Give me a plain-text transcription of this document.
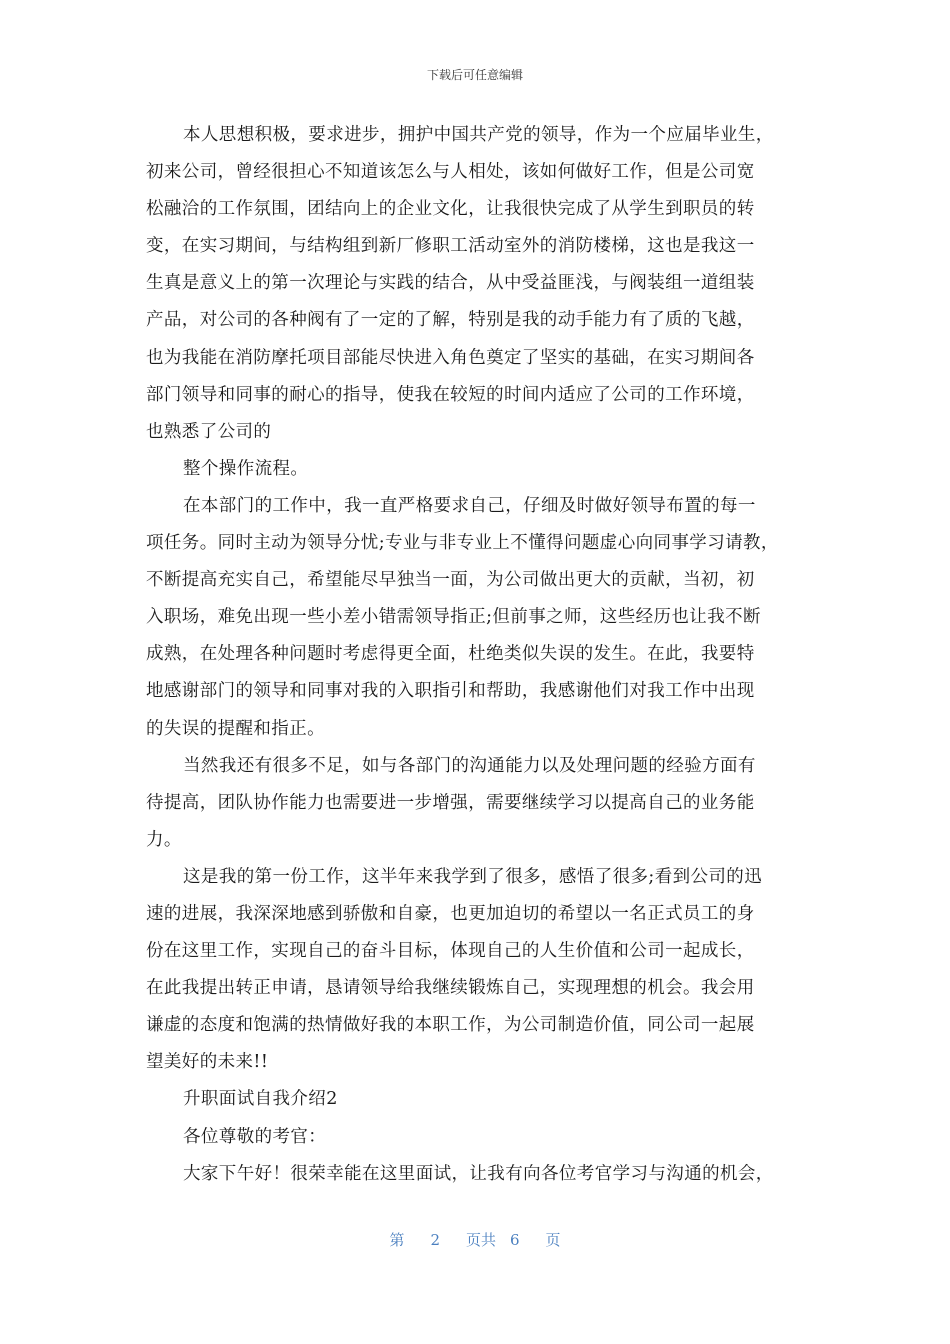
下载后可任意编辑
本人思想积极，要求进步，拥护中国共产党的领导，作为一个应届毕业生，
初来公司，曾经很担心不知道该怎么与人相处，该如何做好工作，但是公司宽
松融洽的工作氛围，团结向上的企业文化，让我很快完成了从学生到职员的转
变，在实习期间，与结构组到新厂修职工活动室外的消防楼梯，这也是我这一
生真是意义上的第一次理论与实践的结合，从中受益匪浅，与阀装组一道组装
产品，对公司的各种阀有了一定的了解，特别是我的动手能力有了质的飞越，
也为我能在消防摩托项目部能尽快进入角色奠定了坚实的基础，在实习期间各
部门领导和同事的耐心的指导，使我在较短的时间内适应了公司的工作环境，
也熟悉了公司的
整个操作流程。
在本部门的工作中，我一直严格要求自己，仔细及时做好领导布置的每一
项任务。同时主动为领导分忧;专业与非专业上不懂得问题虚心向同事学习请教，
不断提高充实自己，希望能尽早独当一面，为公司做出更大的贡献，当初，初
入职场，难免出现一些小差小错需领导指正;但前事之师，这些经历也让我不断
成熟，在处理各种问题时考虑得更全面，杜绝类似失误的发生。在此，我要特
地感谢部门的领导和同事对我的入职指引和帮助，我感谢他们对我工作中出现
的失误的提醒和指正。
当然我还有很多不足，如与各部门的沟通能力以及处理问题的经验方面有
待提高，团队协作能力也需要进一步增强，需要继续学习以提高自己的业务能
力。
这是我的第一份工作，这半年来我学到了很多，感悟了很多;看到公司的迅
速的进展，我深深地感到骄傲和自豪，也更加迫切的希望以一名正式员工的身
份在这里工作，实现自己的奋斗目标，体现自己的人生价值和公司一起成长，
在此我提出转正申请，恳请领导给我继续锻炼自己，实现理想的机会。我会用
谦虚的态度和饱满的热情做好我的本职工作，为公司制造价值，同公司一起展
望美好的未来!!
升职面试自我介绍2
各位尊敬的考官：
大家下午好！很荣幸能在这里面试，让我有向各位考官学习与沟通的机会，
第 2 页共 6 页
